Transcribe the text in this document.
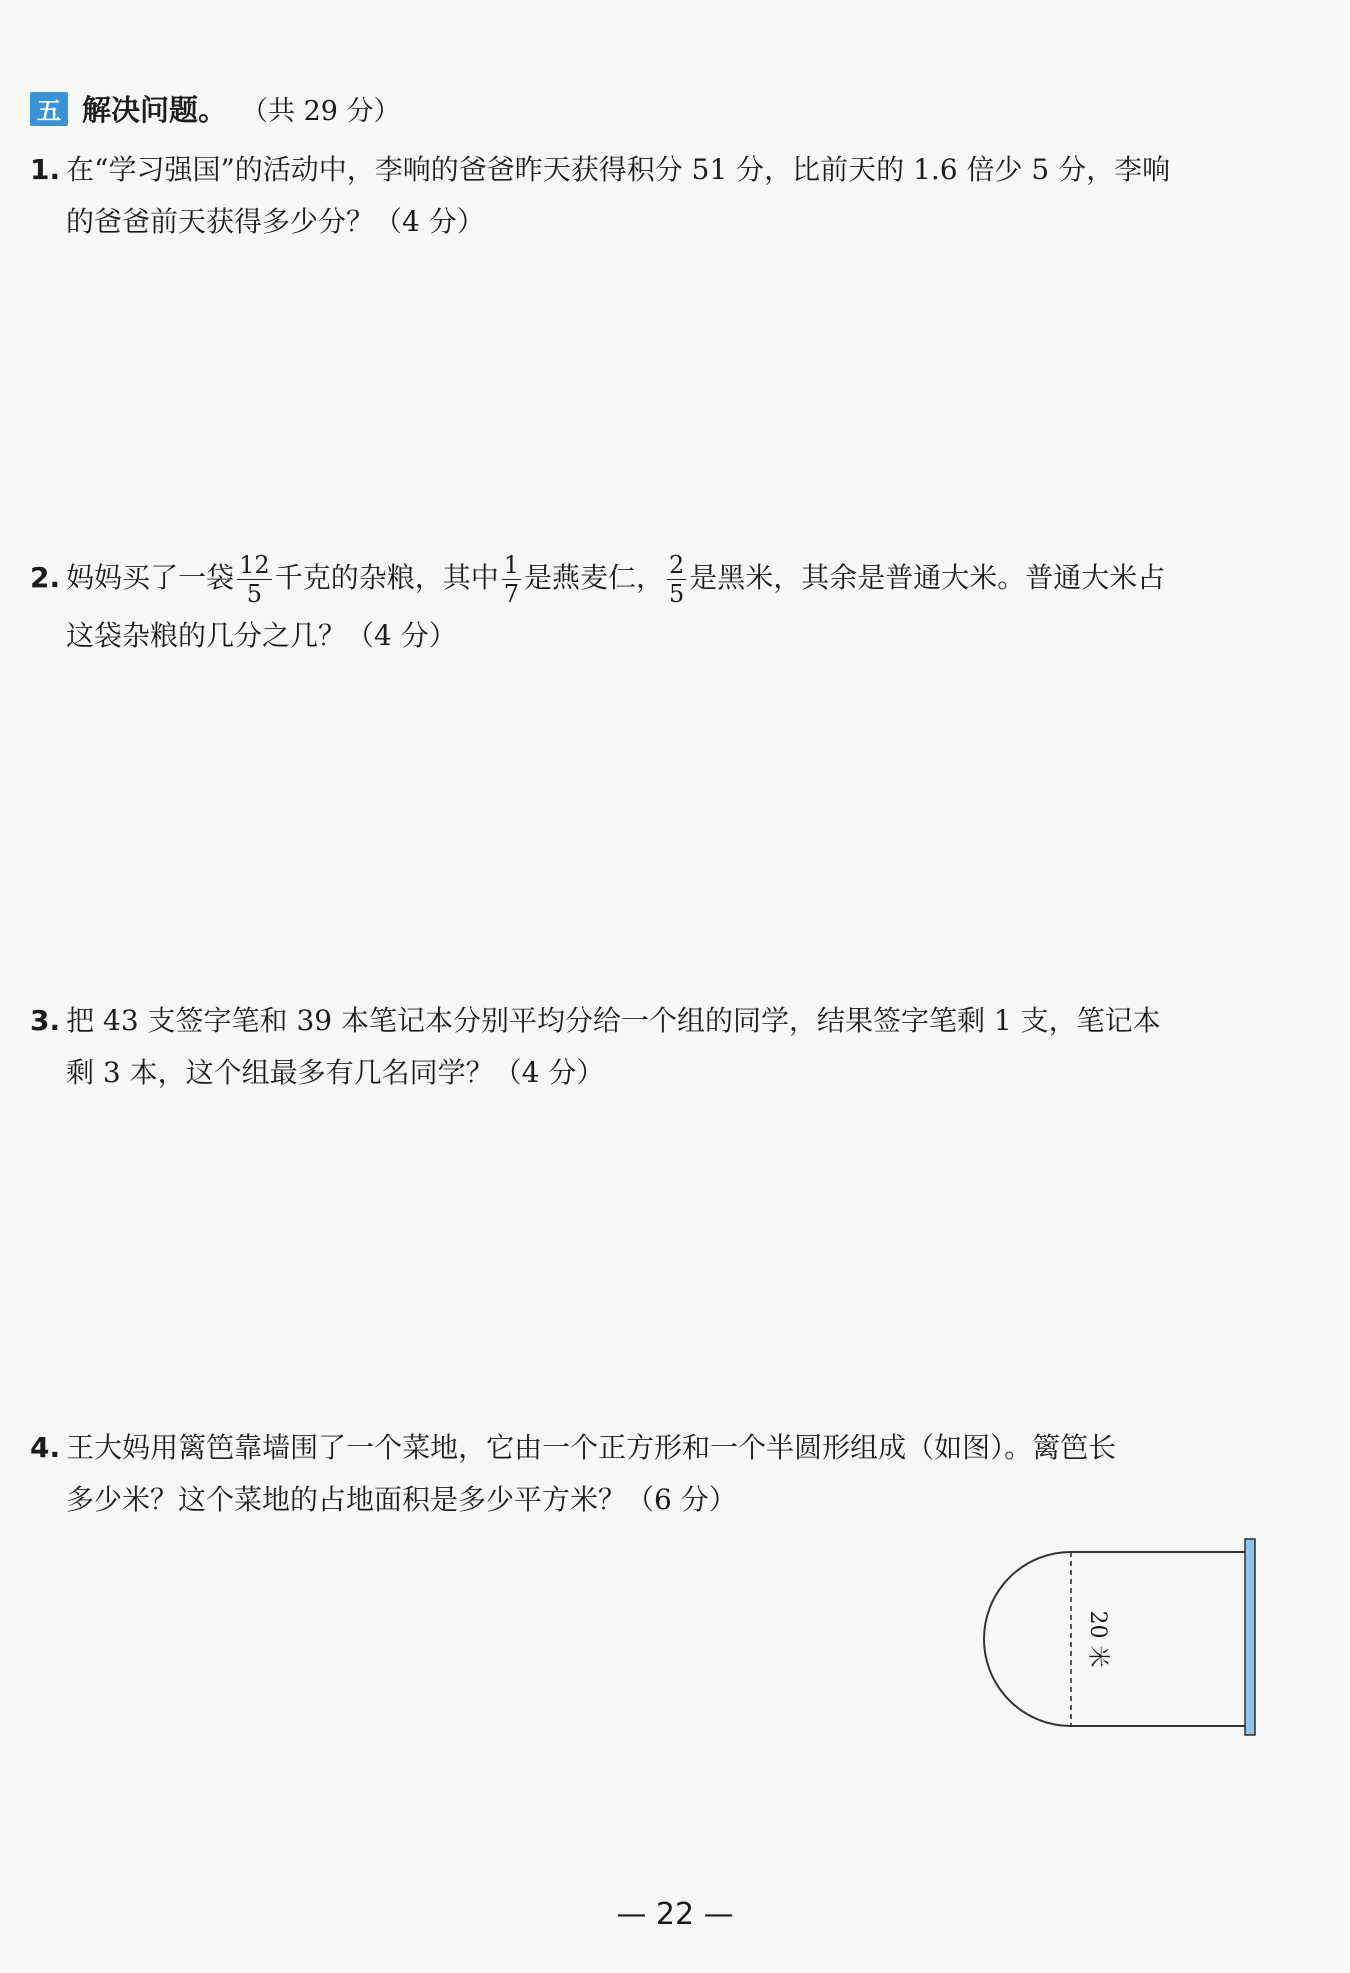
五 解决问题。 （共 29 分）
1. 在“学习强国”的活动中，李响的爸爸昨天获得积分 51 分，比前天的 1.6 倍少 5 分，李响
的爸爸前天获得多少分？（4 分）
2. 妈妈买了一袋 $\frac{12}{5}$ 千克的杂粮，其中 $\frac{1}{7}$ 是燕麦仁， $\frac{2}{5}$ 是黑米，其余是普通大米。普通大米占
这袋杂粮的几分之几？（4 分）
3. 把 43 支签字笔和 39 本笔记本分别平均分给一个组的同学，结果签字笔剩 1 支，笔记本
剩 3 本，这个组最多有几名同学？（4 分）
4. 王大妈用篱笆靠墙围了一个菜地，它由一个正方形和一个半圆形组成（如图）。篱笆长
多少米？这个菜地的占地面积是多少平方米？（6 分）
20 米
— 22 —
